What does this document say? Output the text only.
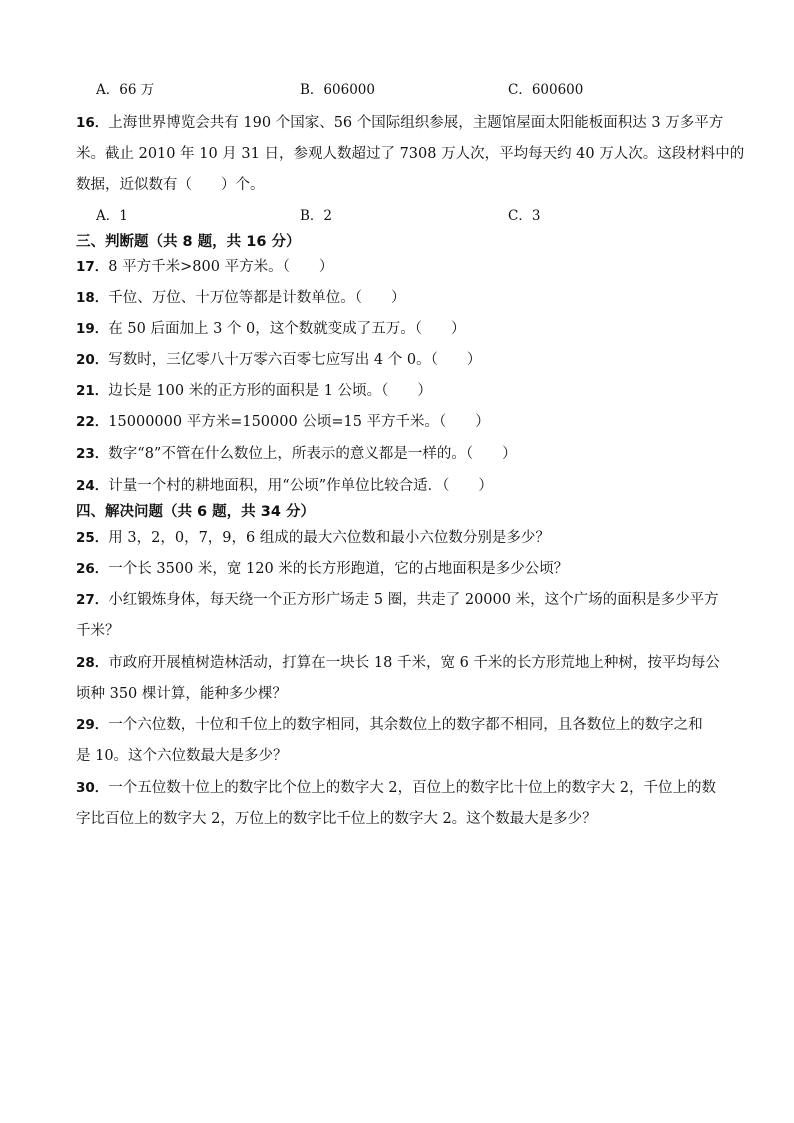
A．66 万	B．606000	C．600600
16．上海世界博览会共有 190 个国家、56 个国际组织参展，主题馆屋面太阳能板面积达 3 万多平方
米。截止 2010 年 10 月 31 日，参观人数超过了 7308 万人次，平均每天约 40 万人次。这段材料中的
数据，近似数有（　　）个。
A．1	B．2	C．3
三、判断题（共 8 题，共 16 分）
17．8 平方千米>800 平方米。（　　）
18．千位、万位、十万位等都是计数单位。（　　）
19．在 50 后面加上 3 个 0，这个数就变成了五万。（　　）
20．写数时，三亿零八十万零六百零七应写出 4 个 0。（　　）
21．边长是 100 米的正方形的面积是 1 公顷。（　　）
22．15000000 平方米=150000 公顷=15 平方千米。（　　）
23．数字“8”不管在什么数位上，所表示的意义都是一样的。（　　）
24．计量一个村的耕地面积，用“公顷”作单位比较合适．（　　）
四、解决问题（共 6 题，共 34 分）
25．用 3，2，0，7，9，6 组成的最大六位数和最小六位数分别是多少？
26．一个长 3500 米，宽 120 米的长方形跑道，它的占地面积是多少公顷？
27．小红锻炼身体，每天绕一个正方形广场走 5 圈，共走了 20000 米，这个广场的面积是多少平方
千米？
28．市政府开展植树造林活动，打算在一块长 18 千米，宽 6 千米的长方形荒地上种树，按平均每公
顷种 350 棵计算，能种多少棵？
29．一个六位数，十位和千位上的数字相同，其余数位上的数字都不相同，且各数位上的数字之和
是 10。这个六位数最大是多少？
30．一个五位数十位上的数字比个位上的数字大 2，百位上的数字比十位上的数字大 2，千位上的数
字比百位上的数字大 2，万位上的数字比千位上的数字大 2。这个数最大是多少？
